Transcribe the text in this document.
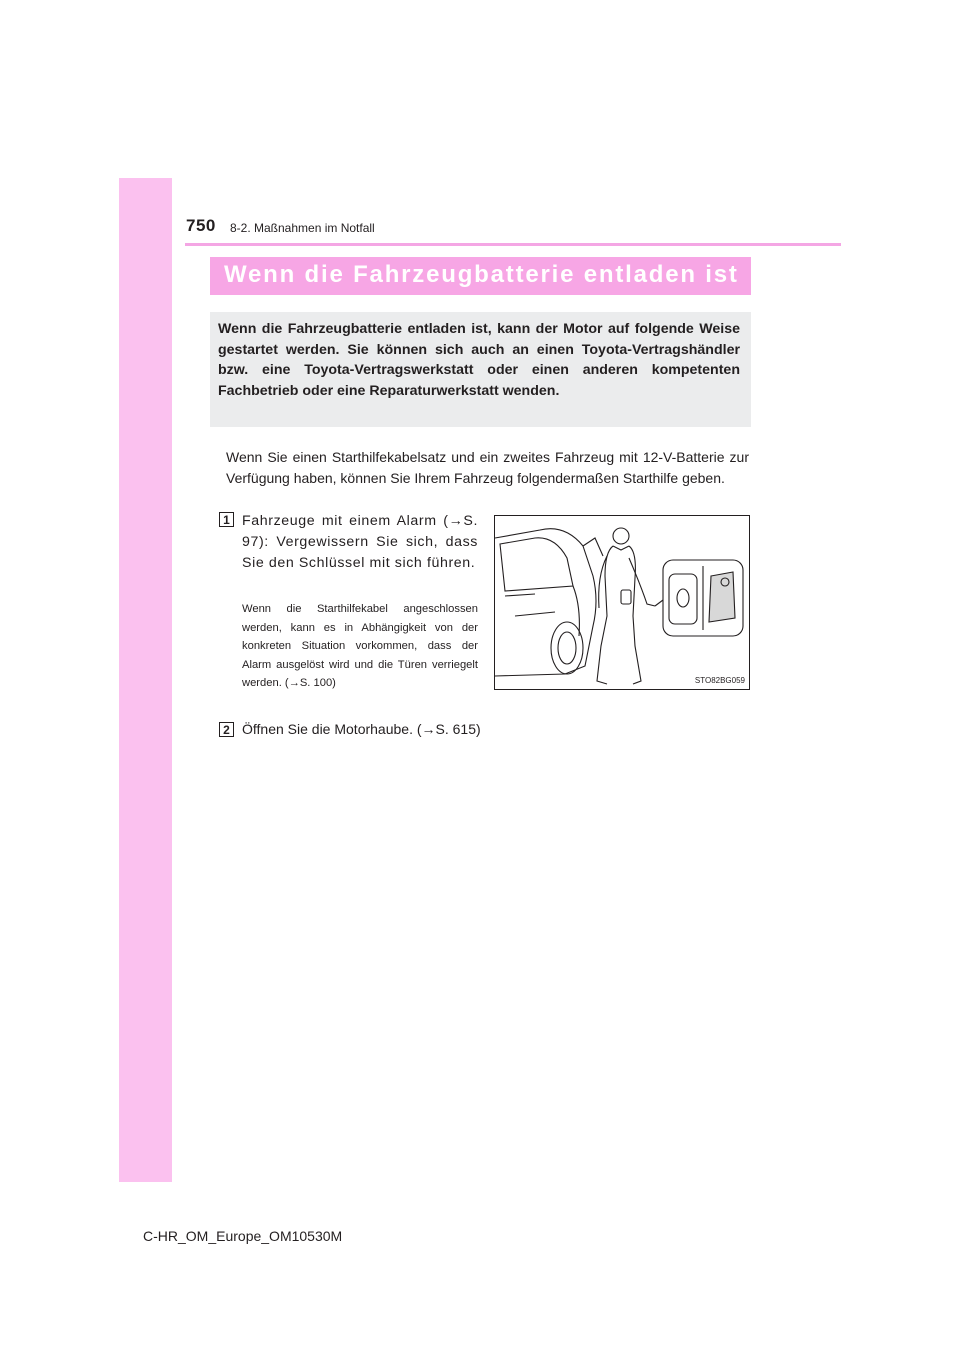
750 8-2. Maßnahmen im Notfall
Wenn die Fahrzeugbatterie entladen ist

Wenn die Fahrzeugbatterie entladen ist, kann der Motor auf folgende Weise gestartet werden. Sie können sich auch an einen Toyota-Vertragshändler bzw. eine Toyota-Vertragswerkstatt oder einen anderen kompetenten Fachbetrieb oder eine Reparaturwerkstatt wenden.

Wenn Sie einen Starthilfekabelsatz und ein zweites Fahrzeug mit 12-V-Batterie zur Verfügung haben, können Sie Ihrem Fahrzeug folgendermaßen Starthilfe geben.

1 Fahrzeuge mit einem Alarm (→S. 97): Vergewissern Sie sich, dass Sie den Schlüssel mit sich führen.

Wenn die Starthilfekabel angeschlossen werden, kann es in Abhängigkeit von der konkreten Situation vorkommen, dass der Alarm ausgelöst wird und die Türen verriegelt werden. (→S. 100)	STO82BG059
2 Öffnen Sie die Motorhaube. (→S. 615)

C-HR_OM_Europe_OM10530M
